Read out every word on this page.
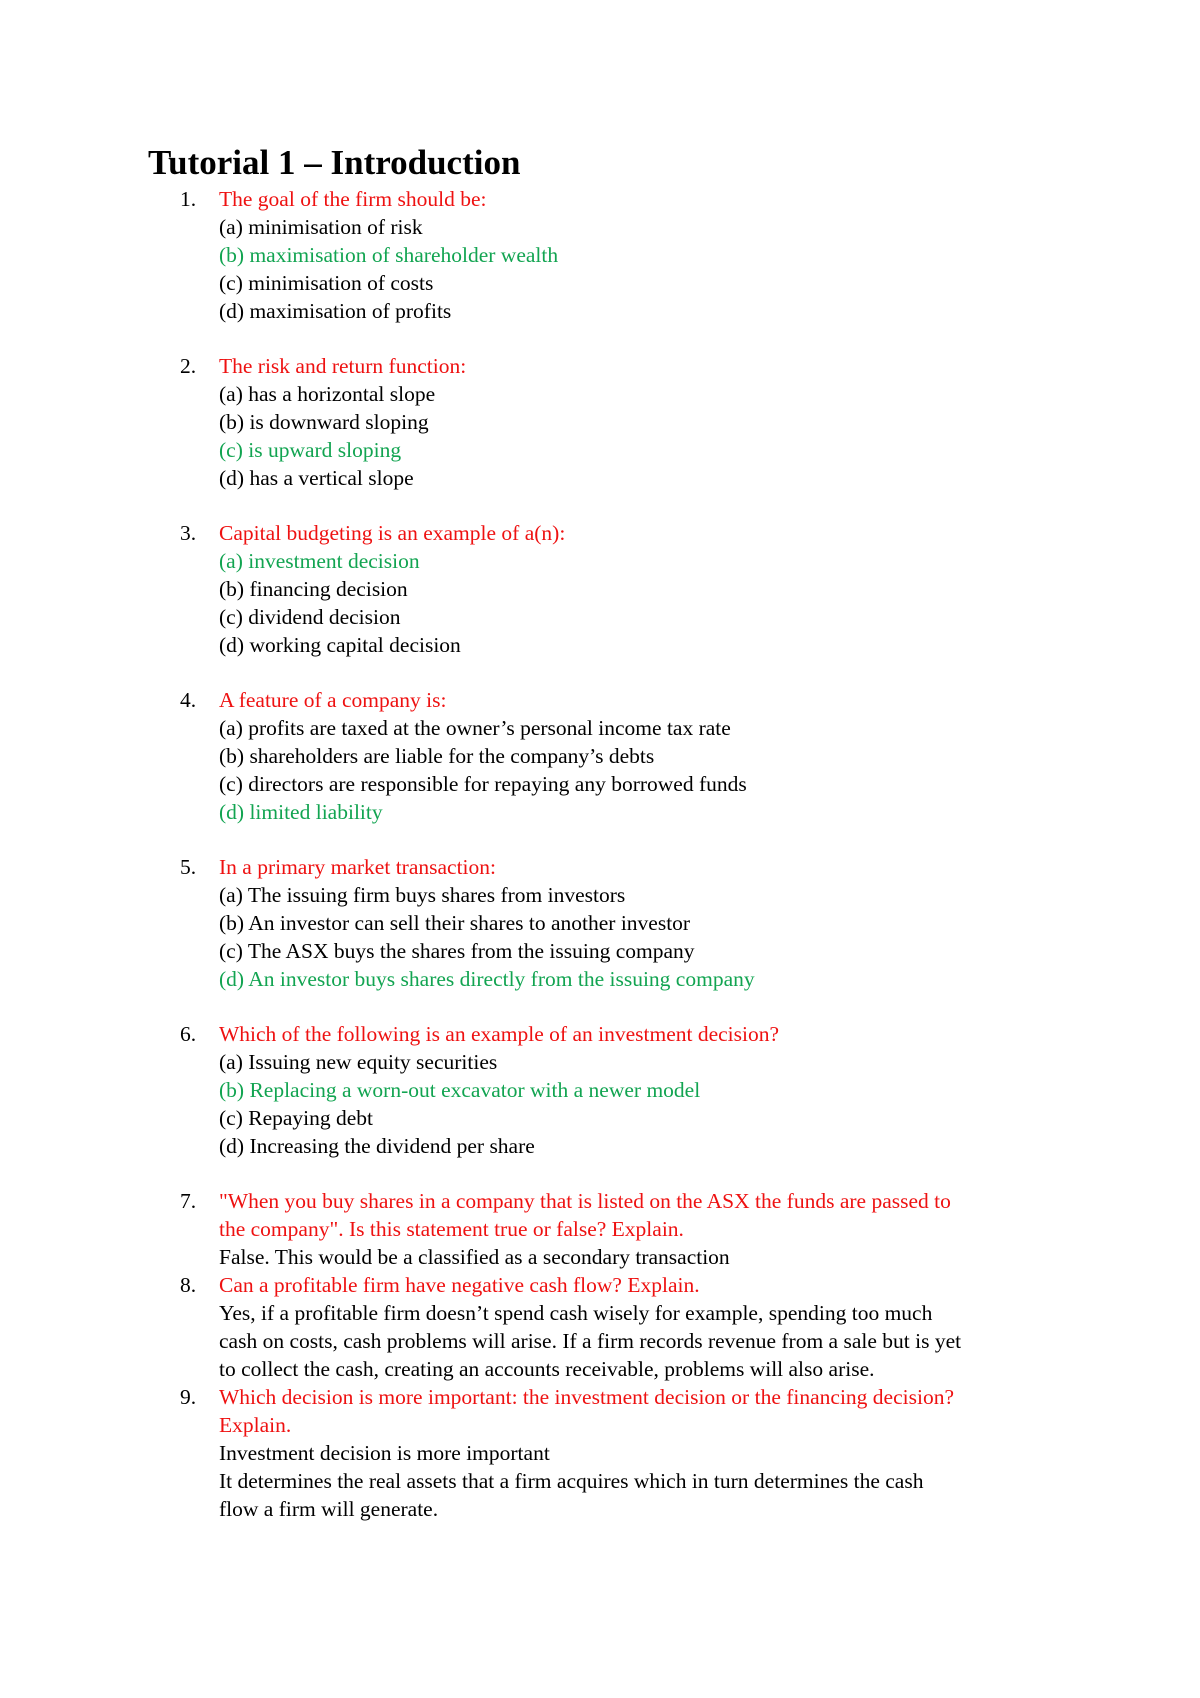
Tutorial 1 – Introduction
1. The goal of the firm should be:
(a) minimisation of risk
(b) maximisation of shareholder wealth
(c) minimisation of costs
(d) maximisation of profits
2. The risk and return function:
(a) has a horizontal slope
(b) is downward sloping
(c) is upward sloping
(d) has a vertical slope
3. Capital budgeting is an example of a(n):
(a) investment decision
(b) financing decision
(c) dividend decision
(d) working capital decision
4. A feature of a company is:
(a) profits are taxed at the owner’s personal income tax rate
(b) shareholders are liable for the company’s debts
(c) directors are responsible for repaying any borrowed funds
(d) limited liability
5. In a primary market transaction:
(a) The issuing firm buys shares from investors
(b) An investor can sell their shares to another investor
(c) The ASX buys the shares from the issuing company
(d) An investor buys shares directly from the issuing company
6. Which of the following is an example of an investment decision?
(a) Issuing new equity securities
(b) Replacing a worn-out excavator with a newer model
(c) Repaying debt
(d) Increasing the dividend per share
7. "When you buy shares in a company that is listed on the ASX the funds are passed to
the company". Is this statement true or false? Explain.
False. This would be a classified as a secondary transaction
8. Can a profitable firm have negative cash flow? Explain.
Yes, if a profitable firm doesn’t spend cash wisely for example, spending too much
cash on costs, cash problems will arise. If a firm records revenue from a sale but is yet
to collect the cash, creating an accounts receivable, problems will also arise.
9. Which decision is more important: the investment decision or the financing decision?
Explain.
Investment decision is more important
It determines the real assets that a firm acquires which in turn determines the cash
flow a firm will generate.
